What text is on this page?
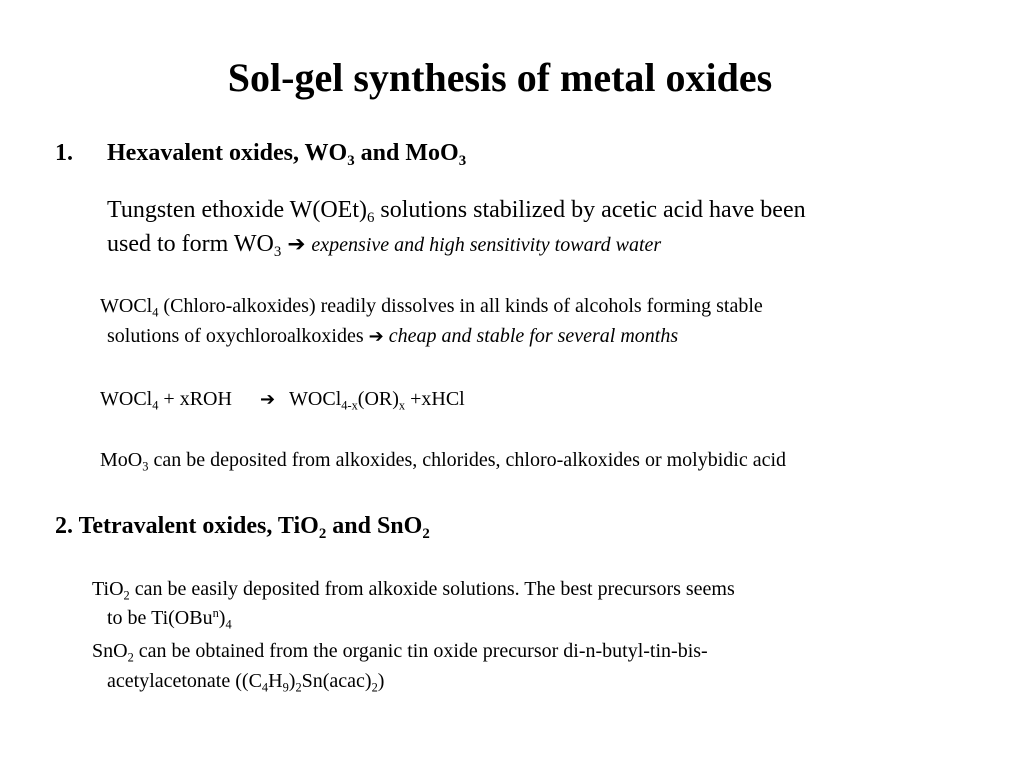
Sol-gel synthesis of metal oxides
1. Hexavalent oxides, $WO_3$ and MoO$_3$
Tungsten ethoxide $W(OEt)_6$ solutions stabilized by acetic acid have been
used to form $WO_3$ ➔ expensive and high sensitivity toward water
WOCl$_4$ (Chloro-alkoxides) readily dissolves in all kinds of alcohols forming stable
solutions of oxychloroalkoxides ➔ cheap and stable for several months
WOCl$_4$ + xROH ➔ $WOCl_{4-x}(OR)_x$ +xHCl
MoO$_3$ can be deposited from alkoxides, chlorides, chloro-alkoxides or molybidic acid
2. Tetravalent oxides, TiO$_2$ and SnO$_2$
TiO$_2$ can be easily deposited from alkoxide solutions. The best precursors seems
to be $Ti(OBu^n)_4$
SnO$_2$ can be obtained from the organic tin oxide precursor di-n-butyl-tin-bis-
acetylacetonate $((C_4H_9)_2Sn(acac)_2)$
